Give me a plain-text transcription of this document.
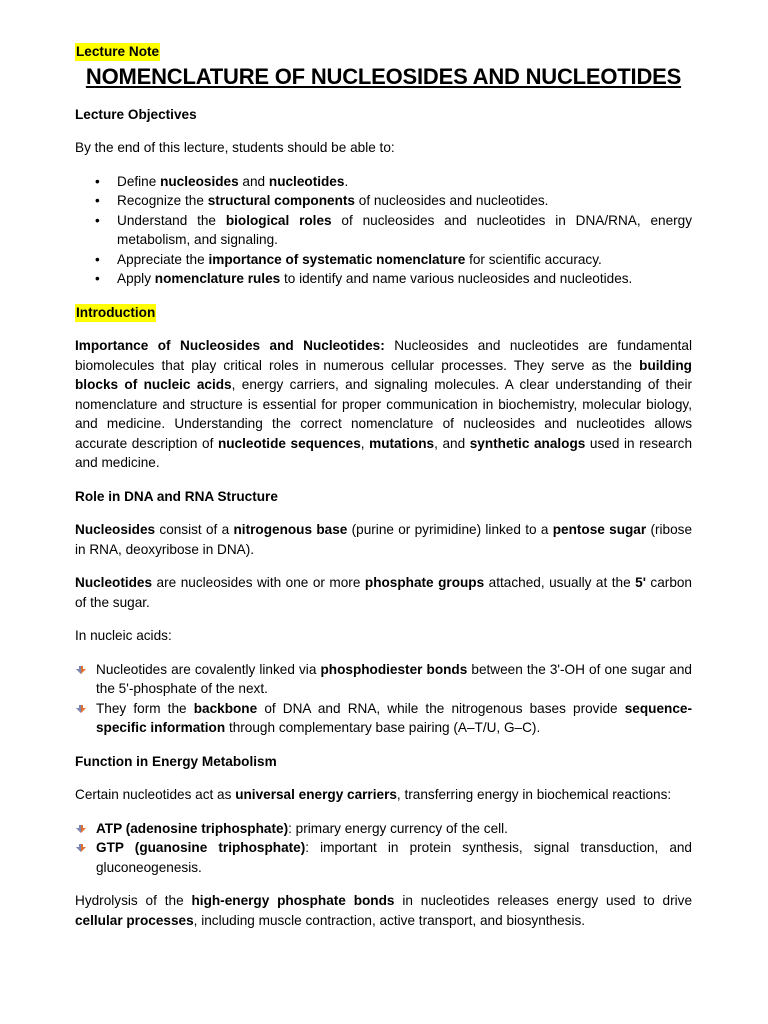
Lecture Note
NOMENCLATURE OF NUCLEOSIDES AND NUCLEOTIDES
Lecture Objectives

By the end of this lecture, students should be able to:

• Define nucleosides and nucleotides.
• Recognize the structural components of nucleosides and nucleotides.
• Understand the biological roles of nucleosides and nucleotides in DNA/RNA, energy metabolism, and signaling.
• Appreciate the importance of systematic nomenclature for scientific accuracy.
• Apply nomenclature rules to identify and name various nucleosides and nucleotides.
Introduction

Importance of Nucleosides and Nucleotides: Nucleosides and nucleotides are fundamental biomolecules that play critical roles in numerous cellular processes. They serve as the building blocks of nucleic acids, energy carriers, and signaling molecules. A clear understanding of their nomenclature and structure is essential for proper communication in biochemistry, molecular biology, and medicine. Understanding the correct nomenclature of nucleosides and nucleotides allows accurate description of nucleotide sequences, mutations, and synthetic analogs used in research and medicine.

Role in DNA and RNA Structure

Nucleosides consist of a nitrogenous base (purine or pyrimidine) linked to a pentose sugar (ribose in RNA, deoxyribose in DNA).

Nucleotides are nucleosides with one or more phosphate groups attached, usually at the 5' carbon of the sugar.

In nucleic acids:

Nucleotides are covalently linked via phosphodiester bonds between the 3'-OH of one sugar and the 5'-phosphate of the next.
They form the backbone of DNA and RNA, while the nitrogenous bases provide sequence-specific information through complementary base pairing (A–T/U, G–C).
Function in Energy Metabolism

Certain nucleotides act as universal energy carriers, transferring energy in biochemical reactions:

ATP (adenosine triphosphate): primary energy currency of the cell.
GTP (guanosine triphosphate): important in protein synthesis, signal transduction, and gluconeogenesis.

Hydrolysis of the high-energy phosphate bonds in nucleotides releases energy used to drive cellular processes, including muscle contraction, active transport, and biosynthesis.
